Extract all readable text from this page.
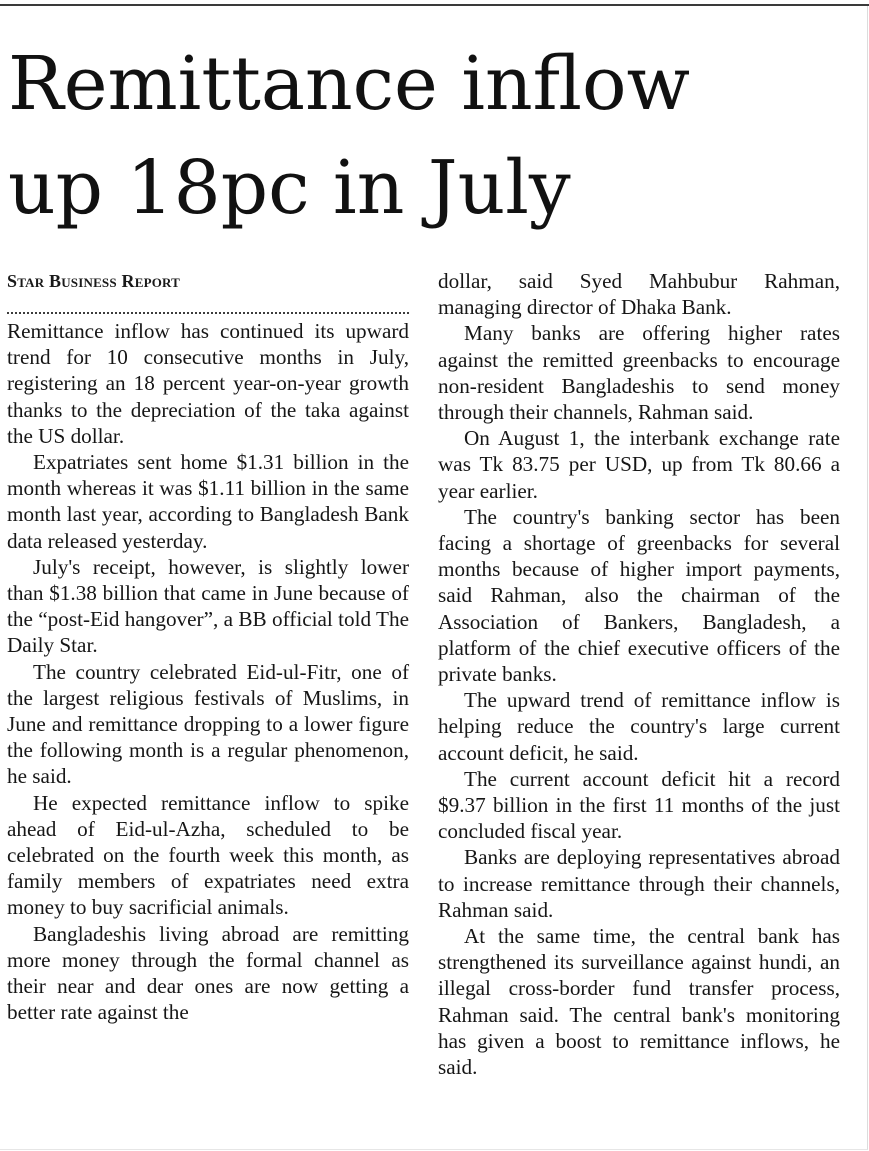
Remittance inflow
up 18pc in July
Star Business Report

Remittance inflow has continued its upward trend for 10 consecutive months in July, registering an 18 percent year-on-year growth thanks to the depreciation of the taka against the US dollar.

Expatriates sent home $1.31 billion in the month whereas it was $1.11 billion in the same month last year, according to Bangladesh Bank data released yesterday.

July's receipt, however, is slightly lower than $1.38 billion that came in June because of the “post-Eid hangover”, a BB official told The Daily Star.

The country celebrated Eid-ul-Fitr, one of the largest religious festivals of Muslims, in June and remittance dropping to a lower figure the following month is a regular phenomenon, he said.

He expected remittance inflow to spike ahead of Eid-ul-Azha, scheduled to be celebrated on the fourth week this month, as family members of expatriates need extra money to buy sacrificial animals.

Bangladeshis living abroad are remitting more money through the formal channel as their near and dear ones are now getting a better rate against the

dollar, said Syed Mahbubur Rahman, managing director of Dhaka Bank.

Many banks are offering higher rates against the remitted greenbacks to encourage non-resident Bangladeshis to send money through their channels, Rahman said.

On August 1, the interbank exchange rate was Tk 83.75 per USD, up from Tk 80.66 a year earlier.

The country's banking sector has been facing a shortage of greenbacks for several months because of higher import payments, said Rahman, also the chairman of the Association of Bankers, Bangladesh, a platform of the chief executive officers of the private banks.

The upward trend of remittance inflow is helping reduce the country's large current account deficit, he said.

The current account deficit hit a record $9.37 billion in the first 11 months of the just concluded fiscal year.

Banks are deploying representatives abroad to increase remittance through their channels, Rahman said.

At the same time, the central bank has strengthened its surveillance against hundi, an illegal cross-border fund transfer process, Rahman said. The central bank's monitoring has given a boost to remittance inflows, he said.
